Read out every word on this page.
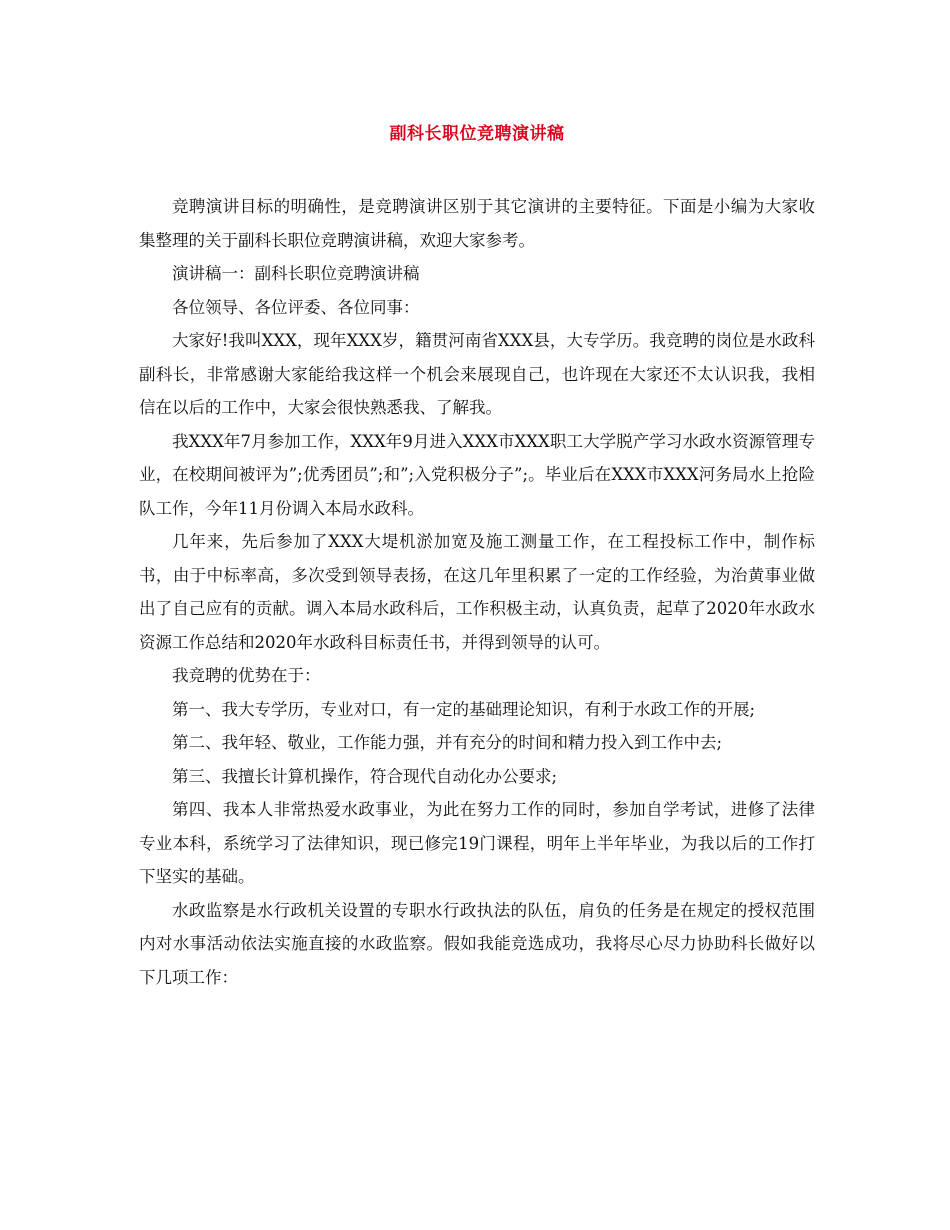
副科长职位竞聘演讲稿

竞聘演讲目标的明确性，是竞聘演讲区别于其它演讲的主要特征。下面是小编为大家收集整理的关于副科长职位竞聘演讲稿，欢迎大家参考。

演讲稿一：副科长职位竞聘演讲稿

各位领导、各位评委、各位同事：

大家好!我叫XXX，现年XXX岁，籍贯河南省XXX县，大专学历。我竞聘的岗位是水政科副科长，非常感谢大家能给我这样一个机会来展现自己，也许现在大家还不太认识我，我相信在以后的工作中，大家会很快熟悉我、了解我。

我XXX年7月参加工作，XXX年9月进入XXX市XXX职工大学脱产学习水政水资源管理专业，在校期间被评为”;优秀团员”;和”;入党积极分子”;。毕业后在XXX市XXX河务局水上抢险队工作，今年11月份调入本局水政科。

几年来，先后参加了XXX大堤机淤加宽及施工测量工作，在工程投标工作中，制作标书，由于中标率高，多次受到领导表扬，在这几年里积累了一定的工作经验，为治黄事业做出了自己应有的贡献。调入本局水政科后，工作积极主动，认真负责，起草了2020年水政水资源工作总结和2020年水政科目标责任书，并得到领导的认可。

我竞聘的优势在于：

第一、我大专学历，专业对口，有一定的基础理论知识，有利于水政工作的开展;

第二、我年轻、敬业，工作能力强，并有充分的时间和精力投入到工作中去;

第三、我擅长计算机操作，符合现代自动化办公要求;

第四、我本人非常热爱水政事业，为此在努力工作的同时，参加自学考试，进修了法律专业本科，系统学习了法律知识，现已修完19门课程，明年上半年毕业，为我以后的工作打下坚实的基础。

水政监察是水行政机关设置的专职水行政执法的队伍，肩负的任务是在规定的授权范围内对水事活动依法实施直接的水政监察。假如我能竞选成功，我将尽心尽力协助科长做好以下几项工作：
